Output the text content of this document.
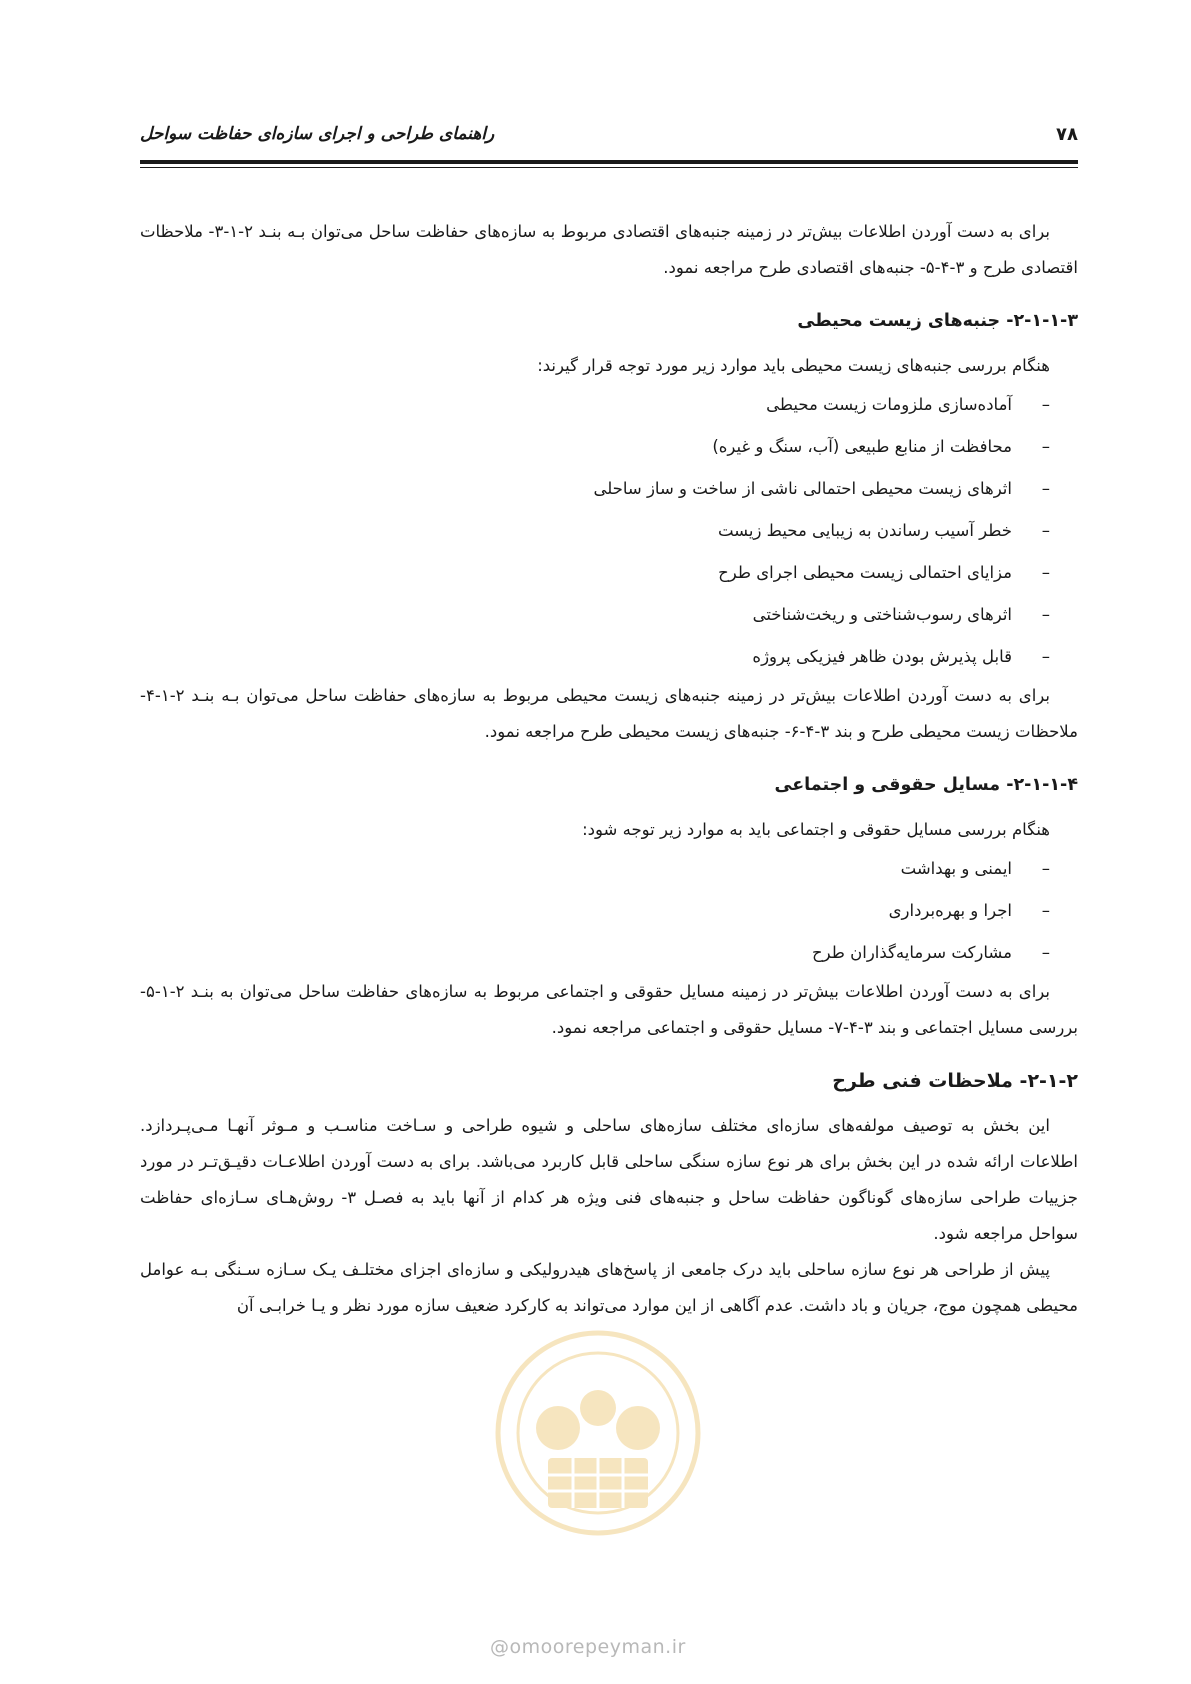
راهنمای طراحی و اجرای سازه‌ای حفاظت سواحل	۷۸

برای به دست آوردن اطلاعات بیش‌تر در زمینه جنبه‌های اقتصادی مربوط به سازه‌های حفاظت ساحل می‌توان بـه بنـد ۲-۱-۳- ملاحظات اقتصادی طرح و ۳-۴-۵- جنبه‌های اقتصادی طرح مراجعه نمود.

۲-۱-۱-۳- جنبه‌های زیست محیطی

هنگام بررسی جنبه‌های زیست محیطی باید موارد زیر مورد توجه قرار گیرند:

–
آماده‌سازی ملزومات زیست محیطی
–
محافظت از منابع طبیعی (آب، سنگ و غیره)
–
اثرهای زیست محیطی احتمالی ناشی از ساخت و ساز ساحلی
–
خطر آسیب رساندن به زیبایی محیط زیست
–
مزایای احتمالی زیست محیطی اجرای طرح
–
اثرهای رسوب‌شناختی و ریخت‌شناختی
–
قابل پذیرش بودن ظاهر فیزیکی پروژه

برای به دست آوردن اطلاعات بیش‌تر در زمینه جنبه‌های زیست محیطی مربوط به سازه‌های حفاظت ساحل می‌توان بـه بنـد ۲-۱-۴- ملاحظات زیست محیطی طرح و بند ۳-۴-۶- جنبه‌های زیست محیطی طرح مراجعه نمود.

۲-۱-۱-۴- مسایل حقوقی و اجتماعی

هنگام بررسی مسایل حقوقی و اجتماعی باید به موارد زیر توجه شود:

–
ایمنی و بهداشت
–
اجرا و بهره‌برداری
–
مشارکت سرمایه‌گذاران طرح

برای به دست آوردن اطلاعات بیش‌تر در زمینه مسایل حقوقی و اجتماعی مربوط به سازه‌های حفاظت ساحل می‌توان به بنـد ۲-۱-۵- بررسی مسایل اجتماعی و بند ۳-۴-۷- مسایل حقوقی و اجتماعی مراجعه نمود.

۲-۱-۲- ملاحظات فنی طرح

این بخش به توصیف مولفه‌های سازه‌ای مختلف سازه‌های ساحلی و شیوه طراحی و سـاخت مناسـب و مـوثر آنهـا مـی‌پـردازد. اطلاعات ارائه شده در این بخش برای هر نوع سازه سنگی ساحلی قابل کاربرد می‌باشد. برای به دست آوردن اطلاعـات دقیـق‌تـر در مورد جزییات طراحی سازه‌های گوناگون حفاظت ساحل و جنبه‌های فنی ویژه هر کدام از آنها باید به فصـل ۳- روش‌هـای سـازه‌ای حفاظت سواحل مراجعه شود.

پیش از طراحی هر نوع سازه ساحلی باید درک جامعی از پاسخ‌های هیدرولیکی و سازه‌ای اجزای مختلـف یـک سـازه سـنگی بـه عوامل محیطی همچون موج، جریان و باد داشت. عدم آگاهی از این موارد می‌تواند به کارکرد ضعیف سازه مورد نظر و یـا خرابـی آن

@omoorepeyman.ir
